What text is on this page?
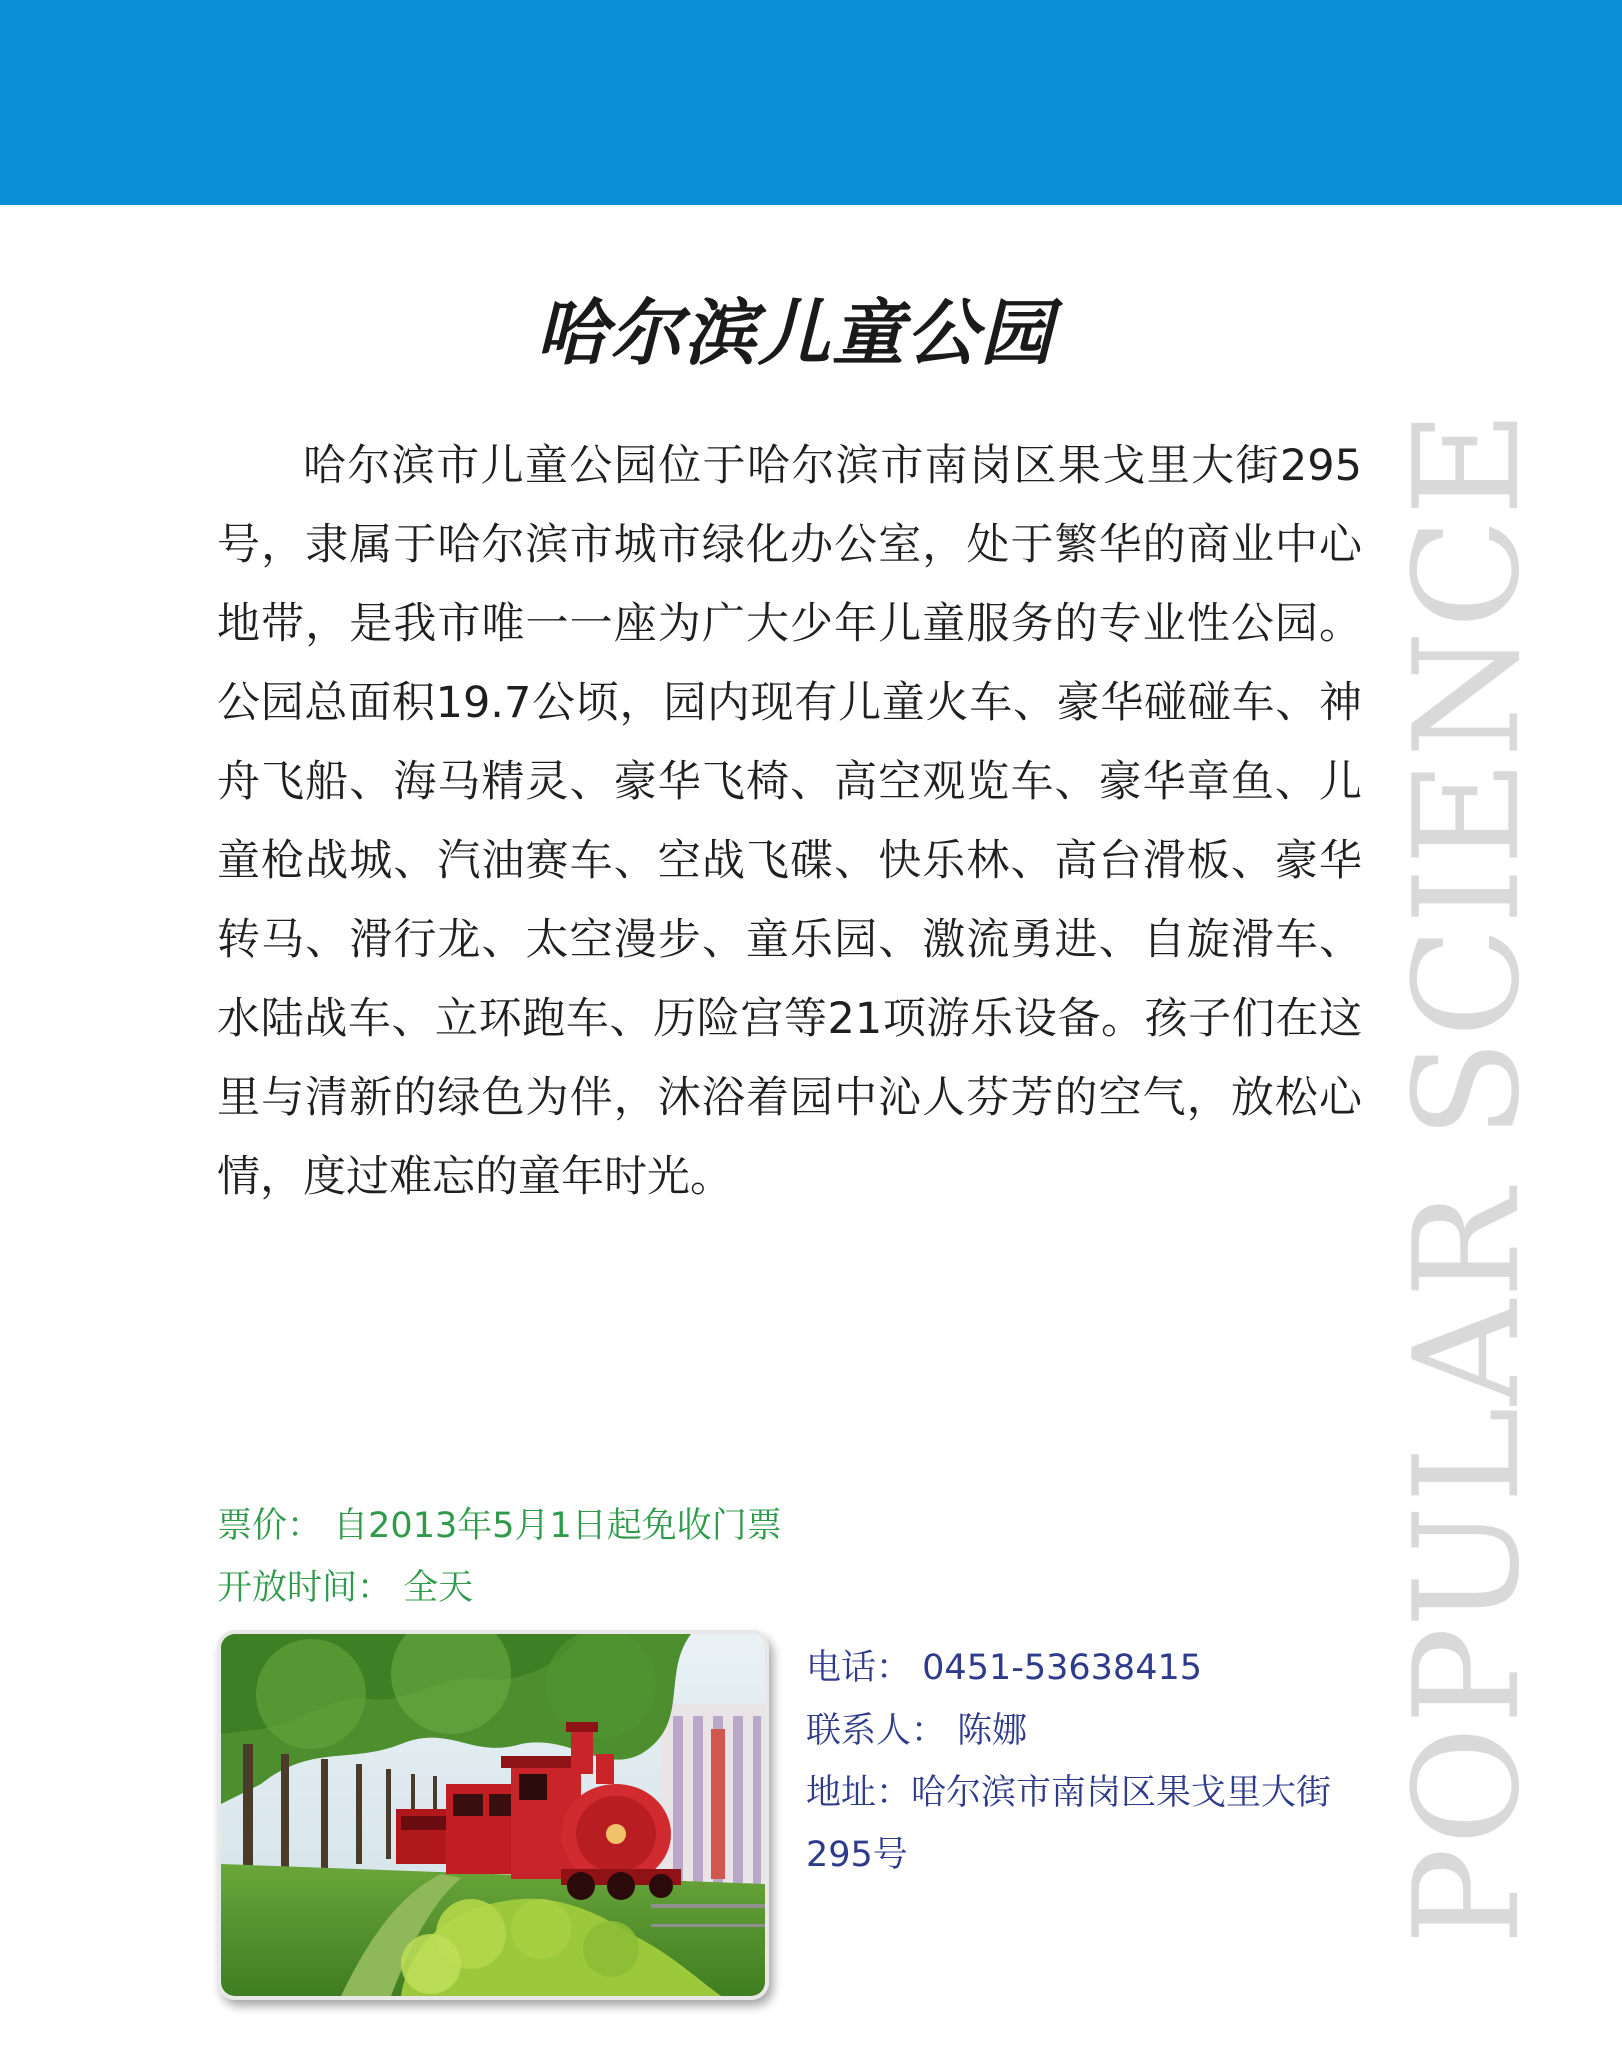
哈尔滨儿童公园

哈尔滨市儿童公园位于哈尔滨市南岗区果戈里大街295号，隶属于哈尔滨市城市绿化办公室，处于繁华的商业中心地带，是我市唯一一座为广大少年儿童服务的专业性公园。公园总面积19.7公顷，园内现有儿童火车、豪华碰碰车、神舟飞船、海马精灵、豪华飞椅、高空观览车、豪华章鱼、儿童枪战城、汽油赛车、空战飞碟、快乐林、高台滑板、豪华转马、滑行龙、太空漫步、童乐园、激流勇进、自旋滑车、水陆战车、立环跑车、历险宫等21项游乐设备。孩子们在这里与清新的绿色为伴，沐浴着园中沁人芬芳的空气，放松心情，度过难忘的童年时光。

票价： 自2013年5月1日起免收门票
开放时间： 全天
电话： 0451-53638415
联系人： 陈娜
地址：哈尔滨市南岗区果戈里大街295号	POPULAR SCIENCE
